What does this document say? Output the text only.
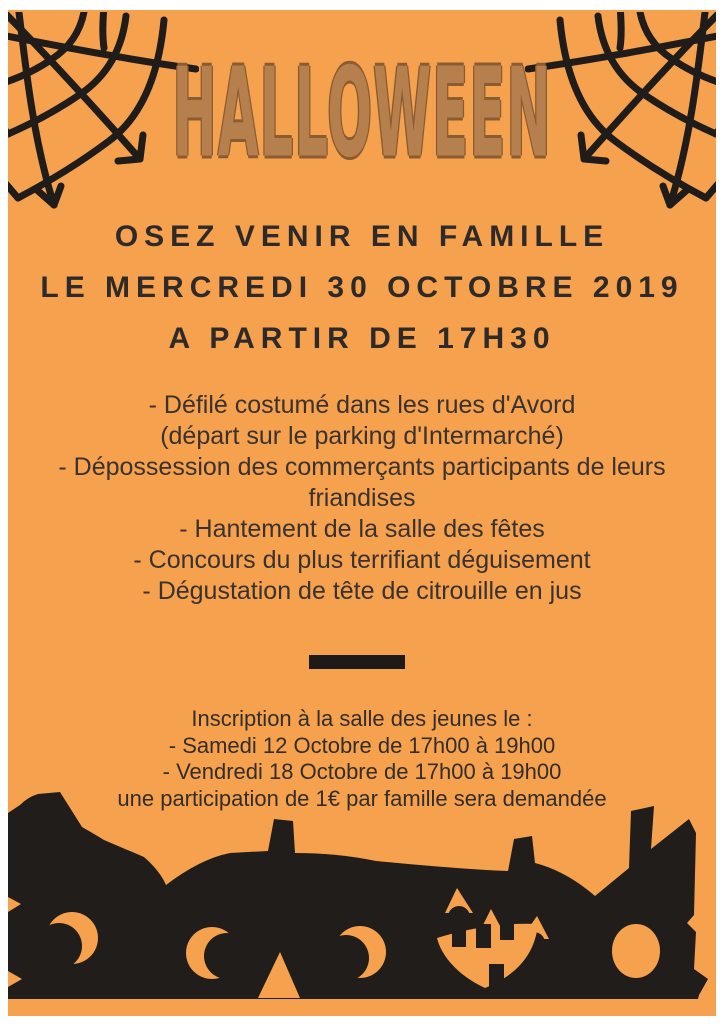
HALLOWEEN
OSEZ VENIR EN FAMILLE
LE MERCREDI 30 OCTOBRE 2019
A PARTIR DE 17H30
- Défilé costumé dans les rues d'Avord
(départ sur le parking d'Intermarché)
- Dépossession des commerçants participants de leurs
friandises
- Hantement de la salle des fêtes
- Concours du plus terrifiant déguisement
- Dégustation de tête de citrouille en jus
Inscription à la salle des jeunes le :
- Samedi 12 Octobre de 17h00 à 19h00
- Vendredi 18 Octobre de 17h00 à 19h00
une participation de 1€ par famille sera demandée
